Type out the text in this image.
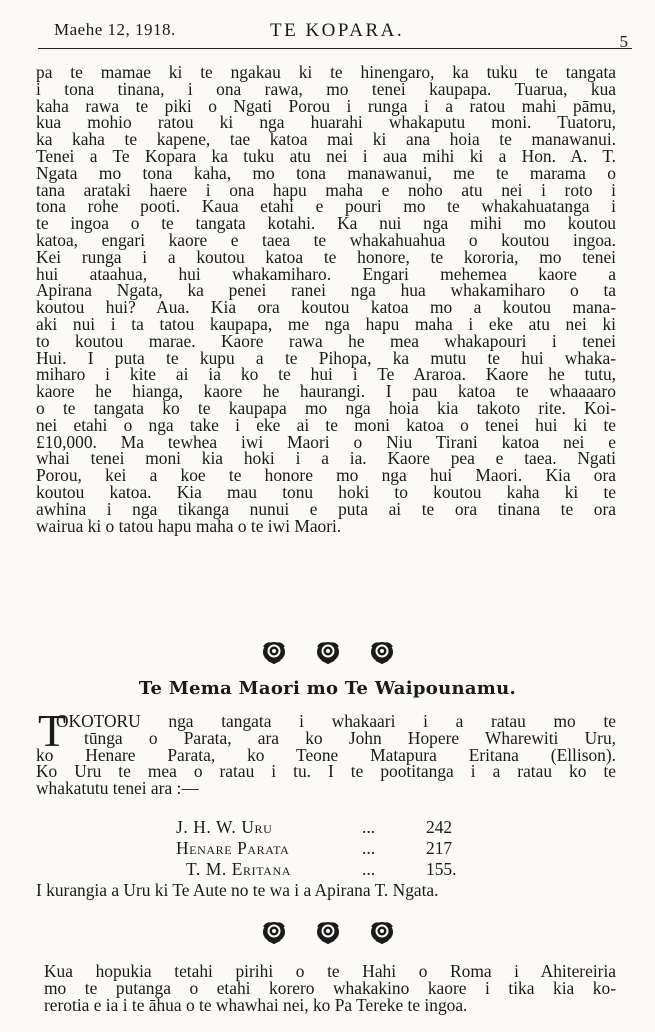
Maehe 12, 1918.	TE KOPARA.
5
pa te mamae ki te ngakau ki te hinengaro, ka tuku te tangata
i tona tinana, i ona rawa, mo tenei kaupapa. Tuarua, kua
kaha rawa te piki o Ngati Porou i runga i a ratou mahi pāmu,
kua mohio ratou ki nga huarahi whakaputu moni. Tuatoru,
ka kaha te kapene, tae katoa mai ki ana hoia te manawanui.
Tenei a Te Kopara ka tuku atu nei i aua mihi ki a Hon. A. T.
Ngata mo tona kaha, mo tona manawanui, me te marama o
tana arataki haere i ona hapu maha e noho atu nei i roto i
tona rohe pooti. Kaua etahi e pouri mo te whakahuatanga i
te ingoa o te tangata kotahi. Ka nui nga mihi mo koutou
katoa, engari kaore e taea te whakahuahua o koutou ingoa.
Kei runga i a koutou katoa te honore, te kororia, mo tenei
hui ataahua, hui whakamiharo. Engari mehemea kaore a
Apirana Ngata, ka penei ranei nga hua whakamiharo o ta
koutou hui? Aua. Kia ora koutou katoa mo a koutou mana-
aki nui i ta tatou kaupapa, me nga hapu maha i eke atu nei ki
to koutou marae. Kaore rawa he mea whakapouri i tenei
Hui. I puta te kupu a te Pihopa, ka mutu te hui whaka-
miharo i kite ai ia ko te hui i Te Araroa. Kaore he tutu,
kaore he hianga, kaore he haurangi. I pau katoa te whaaaaro
o te tangata ko te kaupapa mo nga hoia kia takoto rite. Koi-
nei etahi o nga take i eke ai te moni katoa o tenei hui ki te
£10,000. Ma tewhea iwi Maori o Niu Tirani katoa nei e
whai tenei moni kia hoki i a ia. Kaore pea e taea. Ngati
Porou, kei a koe te honore mo nga hui Maori. Kia ora
koutou katoa. Kia mau tonu hoki to koutou kaha ki te
awhina i nga tikanga nunui e puta ai te ora tinana te ora
wairua ki o tatou hapu maha o te iwi Maori.
Te Mema Maori mo Te Waipounamu.
T
OKOTORU nga tangata i whakaari i a ratau mo te
tūnga o Parata, ara ko John Hopere Wharewiti Uru,
ko Henare Parata, ko Teone Matapura Eritana (Ellison).
Ko Uru te mea o ratau i tu. I te pootitanga i a ratau ko te
whakatutu tenei ara :—
J. H. W. Uru	...	242
Henare Parata	...	217
T. M. Eritana	...	155.
I kurangia a Uru ki Te Aute no te wa i a Apirana T. Ngata.
Kua hopukia tetahi pirihi o te Hahi o Roma i Ahitereiria
mo te putanga o etahi korero whakakino kaore i tika kia ko-
rerotia e ia i te āhua o te whawhai nei, ko Pa Tereke te ingoa.
